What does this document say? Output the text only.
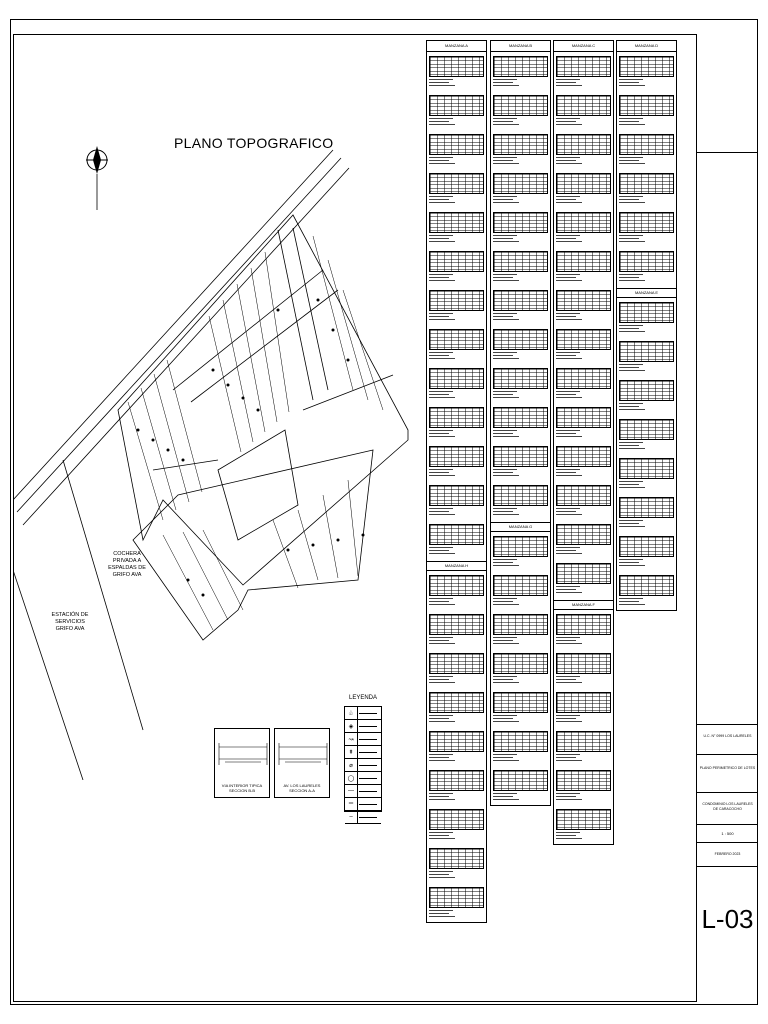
PLANO TOPOGRAFICO
COCHERA PRIVADA A ESPALDAS DE GRIFO AVA
ESTACIÓN DE SERVICIOS GRIFO AVA
LEYENDA
♧
◈
↝
⇞
⌀
◯
—
═
–
VIA INTERIOR TIPICA
SECCION B-B
AV. LOS LAURELES
SECCION A-A
MANZANA A
MANZANA H
MANZANA B
MANZANA G
MANZANA C
MANZANA F
MANZANA D
MANZANA E
U.C. N° 0999 LOS LAURELES
PLANO PERIMETRICO DE LOTES
CONDOMINIO LOS LAURELES DE CARACOCHO
1 : 500
FEBRERO 2023
L-03
